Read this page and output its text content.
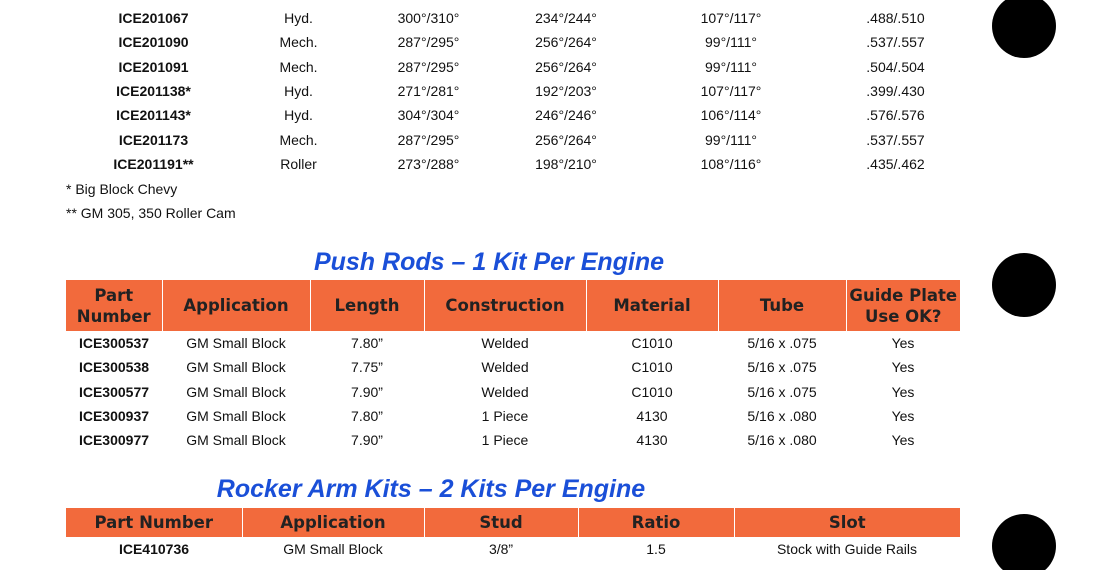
ICE201067	Hyd.	300°/310°	234°/244°	107°/117°	.488/.510
ICE201090	Mech.	287°/295°	256°/264°	99°/111°	.537/.557
ICE201091	Mech.	287°/295°	256°/264°	99°/111°	.504/.504
ICE201138*	Hyd.	271°/281°	192°/203°	107°/117°	.399/.430
ICE201143*	Hyd.	304°/304°	246°/246°	106°/114°	.576/.576
ICE201173	Mech.	287°/295°	256°/264°	99°/111°	.537/.557
ICE201191**	Roller	273°/288°	198°/210°	108°/116°	.435/.462
* Big Block Chevy
** GM 305, 350 Roller Cam
Push Rods – 1 Kit Per Engine
Part Number	Application	Length	Construction	Material	Tube	Guide Plate Use OK?
ICE300537	GM Small Block	7.80”	Welded	C1010	5/16 x .075	Yes
ICE300538	GM Small Block	7.75”	Welded	C1010	5/16 x .075	Yes
ICE300577	GM Small Block	7.90”	Welded	C1010	5/16 x .075	Yes
ICE300937	GM Small Block	7.80”	1 Piece	4130	5/16 x .080	Yes
ICE300977	GM Small Block	7.90”	1 Piece	4130	5/16 x .080	Yes
Rocker Arm Kits – 2 Kits Per Engine
Part Number	Application	Stud	Ratio	Slot
ICE410736	GM Small Block	3/8”	1.5	Stock with Guide Rails
